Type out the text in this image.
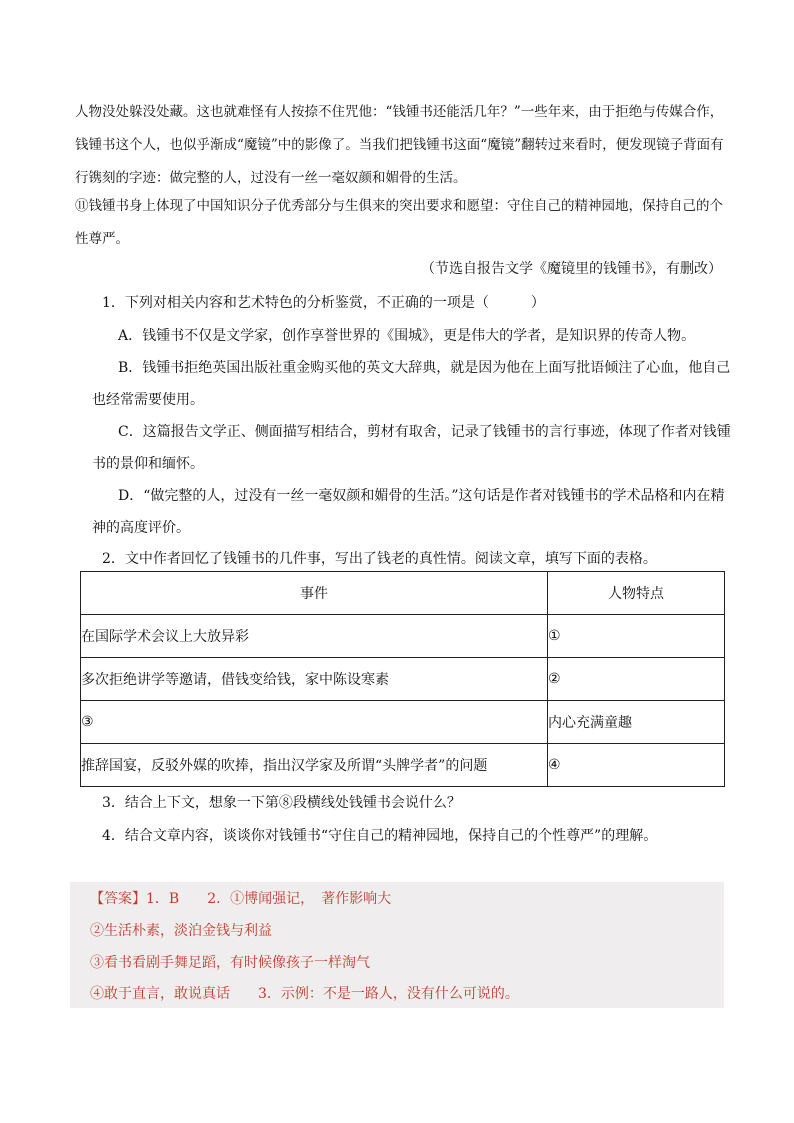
人物没处躲没处藏。这也就难怪有人按捺不住咒他：“钱锺书还能活几年？”一些年来，由于拒绝与传媒合作，钱锺书这个人，也似乎渐成“魔镜”中的影像了。当我们把钱锺书这面“魔镜”翻转过来看时，便发现镜子背面有行镌刻的字迹：做完整的人，过没有一丝一毫奴颜和媚骨的生活。
⑪钱锺书身上体现了中国知识分子优秀部分与生俱来的突出要求和愿望：守住自己的精神园地，保持自己的个性尊严。
（节选自报告文学《魔镜里的钱锺书》，有删改）
1．下列对相关内容和艺术特色的分析鉴赏，不正确的一项是（　　　）
A．钱锺书不仅是文学家，创作享誉世界的《围城》，更是伟大的学者，是知识界的传奇人物。
B．钱锺书拒绝英国出版社重金购买他的英文大辞典，就是因为他在上面写批语倾注了心血，他自己
也经常需要使用。
C．这篇报告文学正、侧面描写相结合，剪材有取舍，记录了钱锺书的言行事迹，体现了作者对钱锺
书的景仰和缅怀。
D．“做完整的人，过没有一丝一毫奴颜和媚骨的生活。”这句话是作者对钱锺书的学术品格和内在精
神的高度评价。
2．文中作者回忆了钱锺书的几件事，写出了钱老的真性情。阅读文章，填写下面的表格。
事件	人物特点
在国际学术会议上大放异彩	①
多次拒绝讲学等邀请，借钱变给钱，家中陈设寒素	②
③	内心充满童趣
推辞国宴，反驳外媒的吹捧，指出汉学家及所谓“头牌学者”的问题	④
3．结合上下文，想象一下第⑧段横线处钱锺书会说什么？
4．结合文章内容，谈谈你对钱锺书“守住自己的精神园地，保持自己的个性尊严”的理解。
【答案】1．B　　2．①博闻强记，　著作影响大
②生活朴素，淡泊金钱与利益
③看书看剧手舞足蹈，有时候像孩子一样淘气
④敢于直言，敢说真话　　3．示例：不是一路人，没有什么可说的。
